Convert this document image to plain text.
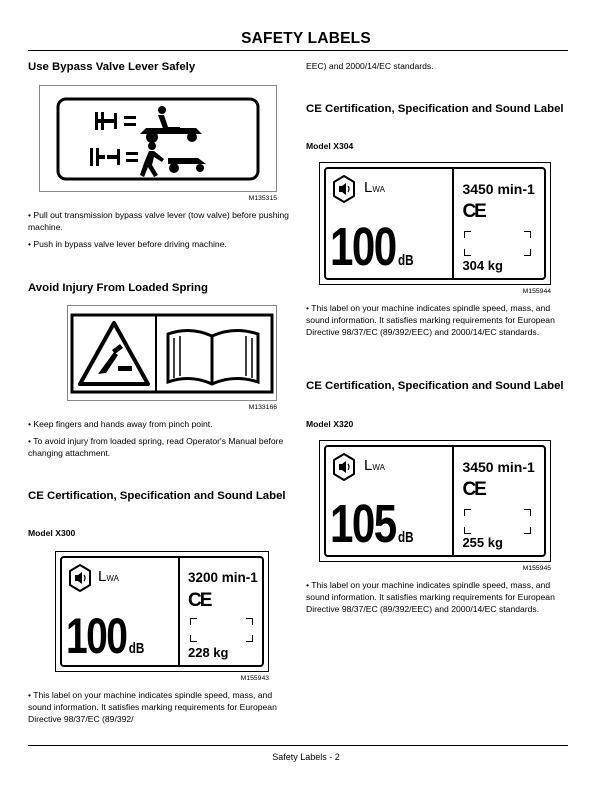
SAFETY LABELS
Use Bypass Valve Lever Safely
M135315
• Pull out transmission bypass valve lever (tow valve) before pushing machine.
• Push in bypass valve lever before driving machine.
Avoid Injury From Loaded Spring
M133166
• Keep fingers and hands away from pinch point.
• To avoid injury from loaded spring, read Operator's Manual before changing attachment.
CE Certification, Specification and Sound Label
Model X300
LWA
100 dB
3200 min-1
CE
228 kg
M155943
• This label on your machine indicates spindle speed, mass, and sound information. It satisfies marking requirements for European Directive 98/37/EC (89/392/
EEC) and 2000/14/EC standards.
CE Certification, Specification and Sound Label
Model X304
LWA
100 dB
3450 min-1
CE
304 kg
M155944
• This label on your machine indicates spindle speed, mass, and sound information. It satisfies marking requirements for European Directive 98/37/EC (89/392/EEC) and 2000/14/EC standards.
CE Certification, Specification and Sound Label
Model X320
LWA
105 dB
3450 min-1
CE
255 kg
M155945
• This label on your machine indicates spindle speed, mass, and sound information. It satisfies marking requirements for European Directive 98/37/EC (89/392/EEC) and 2000/14/EC standards.
Safety Labels - 2
